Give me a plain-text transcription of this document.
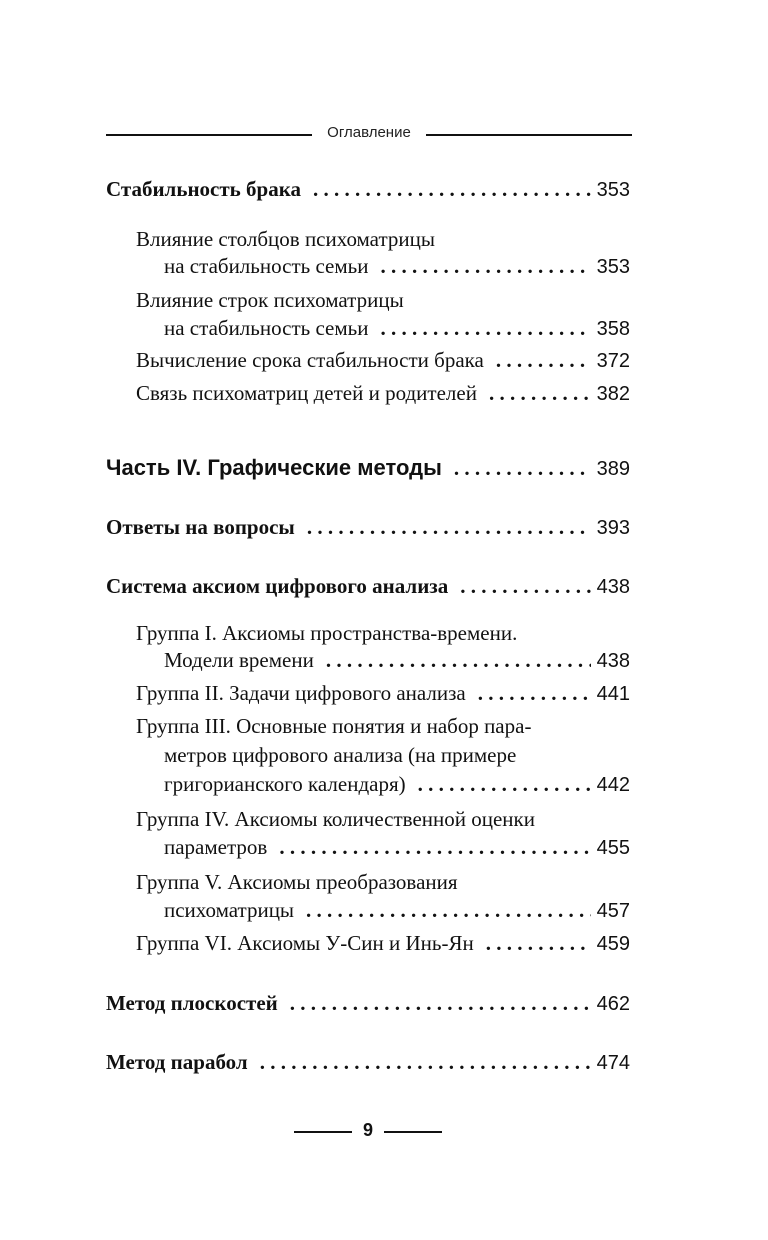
Оглавление
Стабильность брака . . .	353
Влияние столбцов психоматрицы
на стабильность семьи . . .	353
Влияние строк психоматрицы
на стабильность семьи . . .	358
Вычисление срока стабильности брака . . .	372
Связь психоматриц детей и родителей . . .	382
Часть IV. Графические методы . . .	389
Ответы на вопросы . . .	393
Система аксиом цифрового анализа . . .	438
Группа I. Аксиомы пространства-времени.
Модели времени . . .	438
Группа II. Задачи цифрового анализа . . .	441
Группа III. Основные понятия и набор пара-
метров цифрового анализа (на примере
григорианского календаря) . . .	442
Группа IV. Аксиомы количественной оценки
параметров . . .	455
Группа V. Аксиомы преобразования
психоматрицы . . .	457
Группа VI. Аксиомы У-Син и Инь-Ян . . .	459
Метод плоскостей . . .	462
Метод парабол . . .	474
9
